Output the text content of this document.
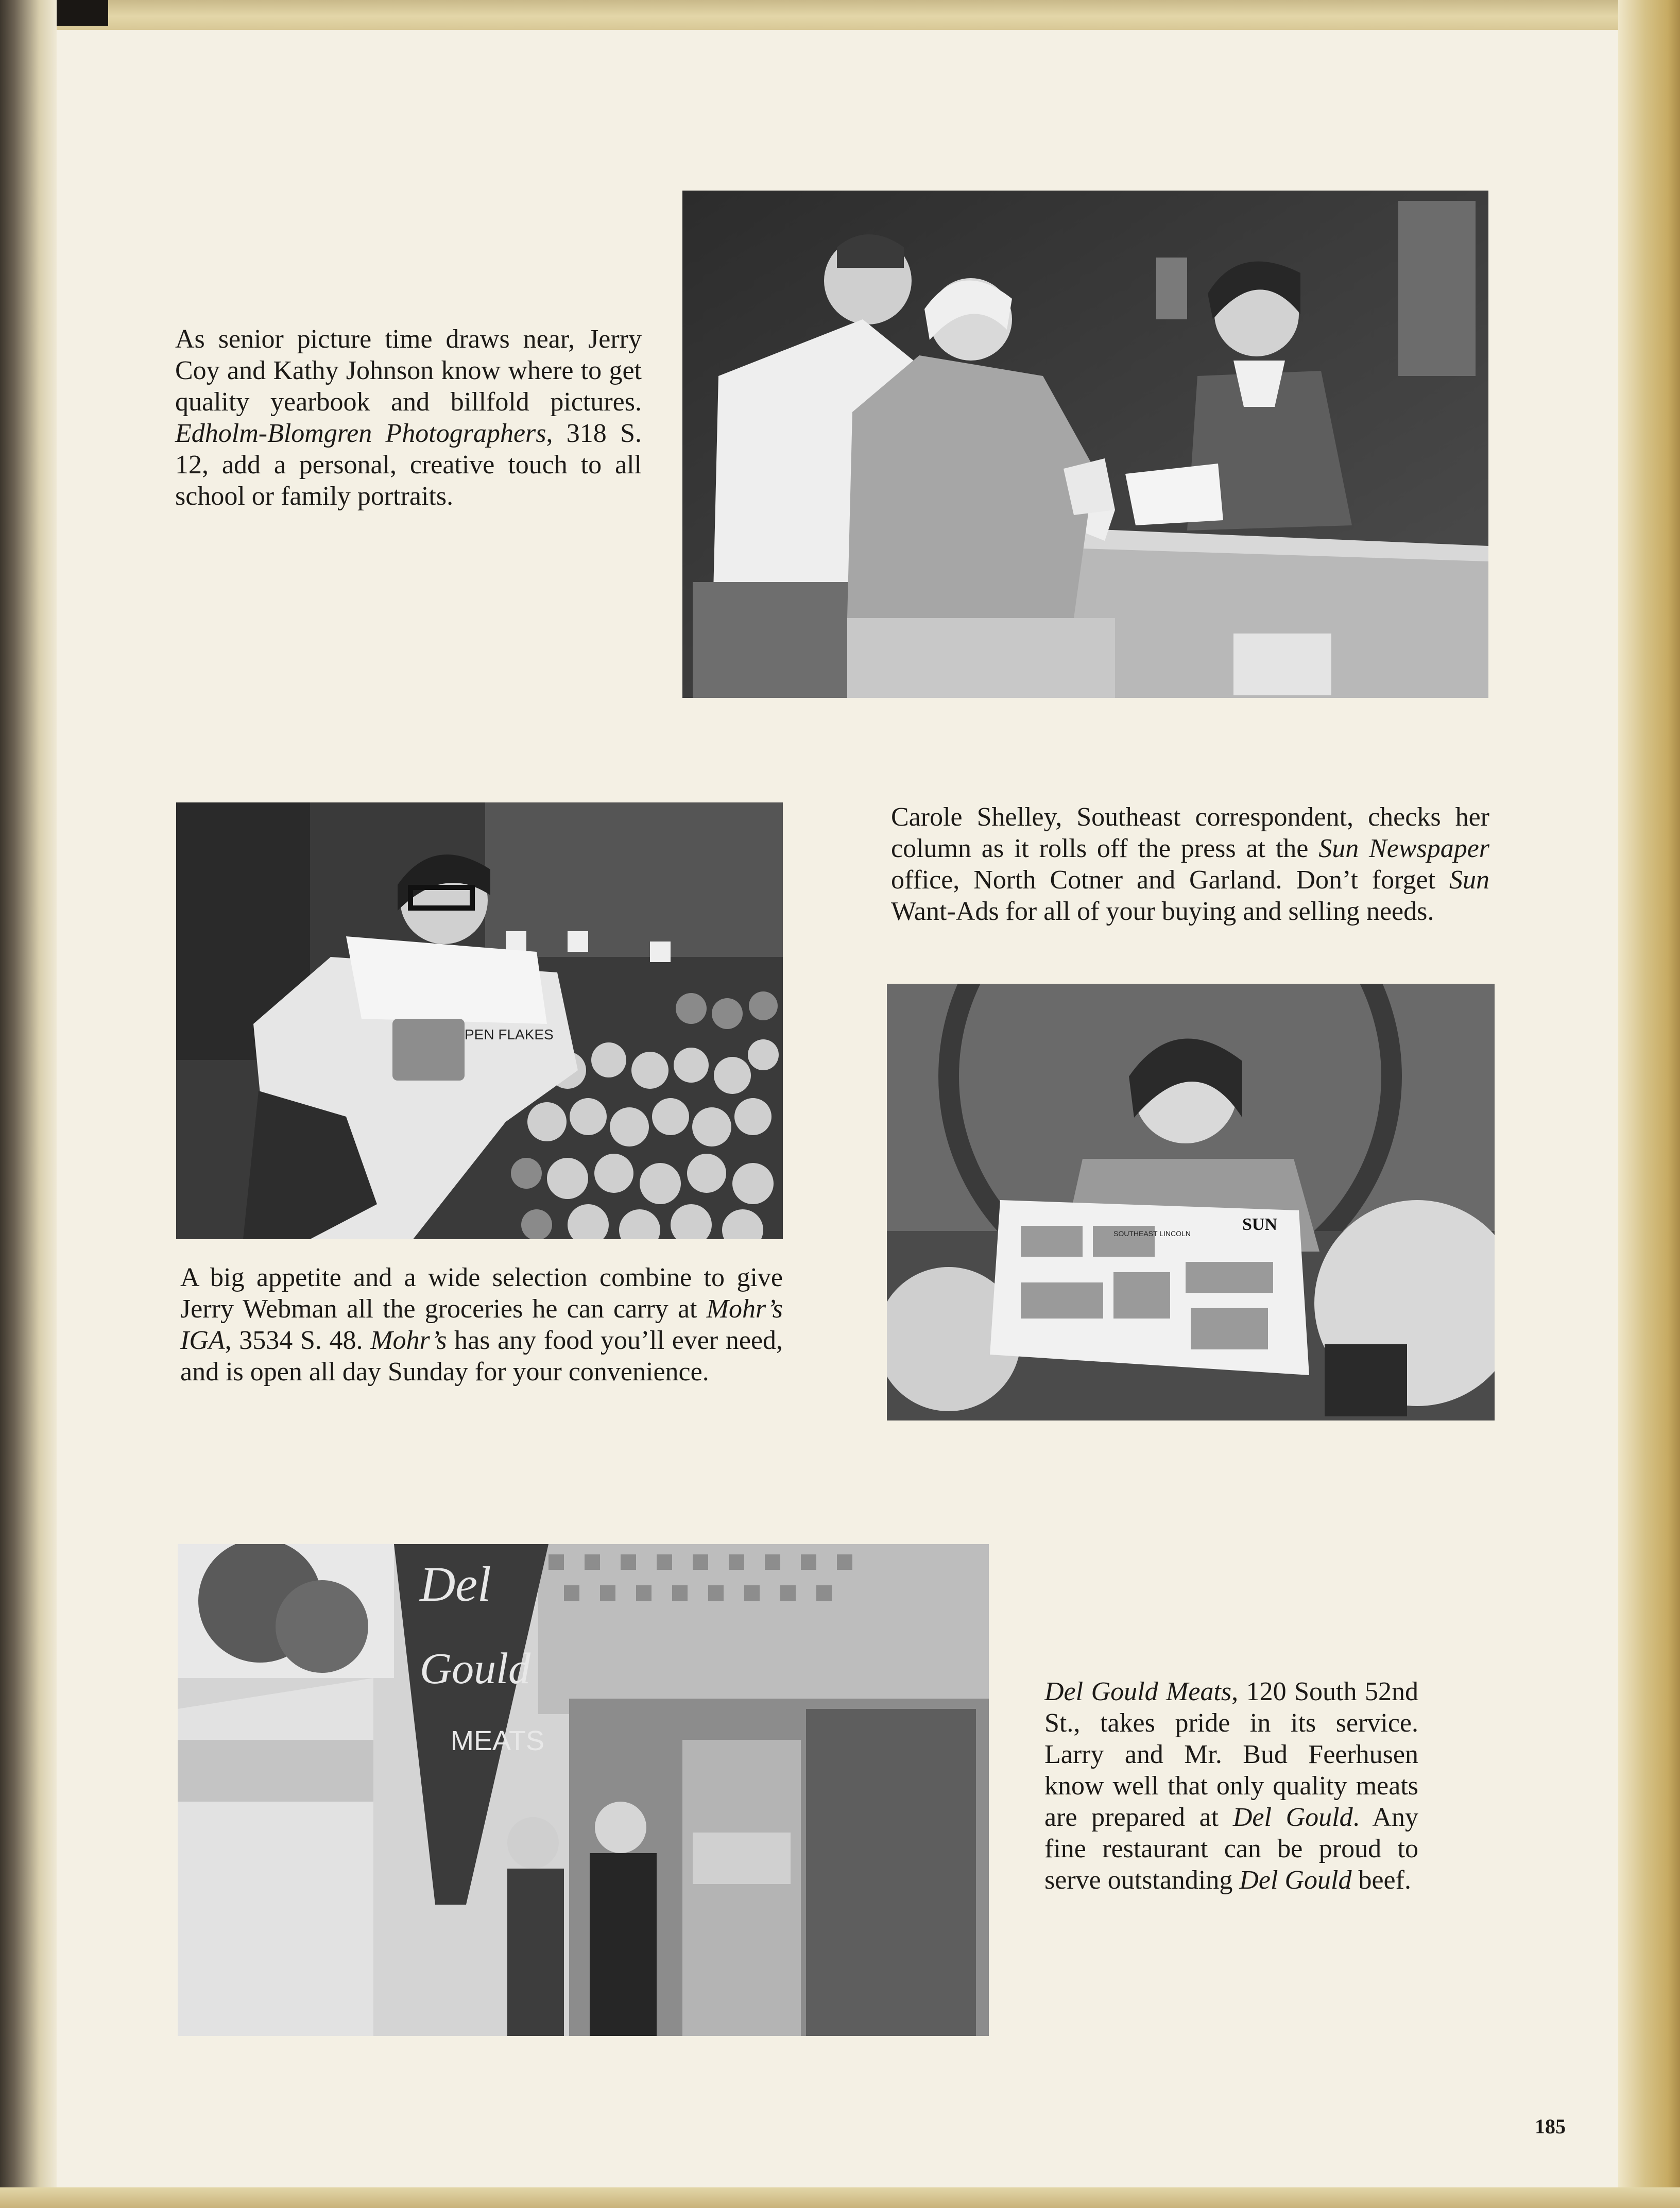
As senior picture time draws near, Jerry Coy and Kathy Johnson know where to get quality yearbook and billfold pictures. Edholm-Blomgren Photographers, 318 S. 12, add a personal, creative touch to all school or family portraits.

PEN FLAKES

Carole Shelley, Southeast correspondent, checks her column as it rolls off the press at the Sun Newspaper office, North Cotner and Garland. Don’t forget Sun Want-Ads for all of your buying and selling needs.

SUN
SOUTHEAST LINCOLN

A big appetite and a wide selection combine to give Jerry Webman all the groceries he can carry at Mohr’s IGA, 3534 S. 48. Mohr’s has any food you’ll ever need, and is open all day Sunday for your convenience.

Del
Gould
MEATS

Del Gould Meats, 120 South 52nd St., takes pride in its service. Larry and Mr. Bud Feerhusen know well that only quality meats are prepared at Del Gould. Any fine restaurant can be proud to serve outstanding Del Gould beef.

185
